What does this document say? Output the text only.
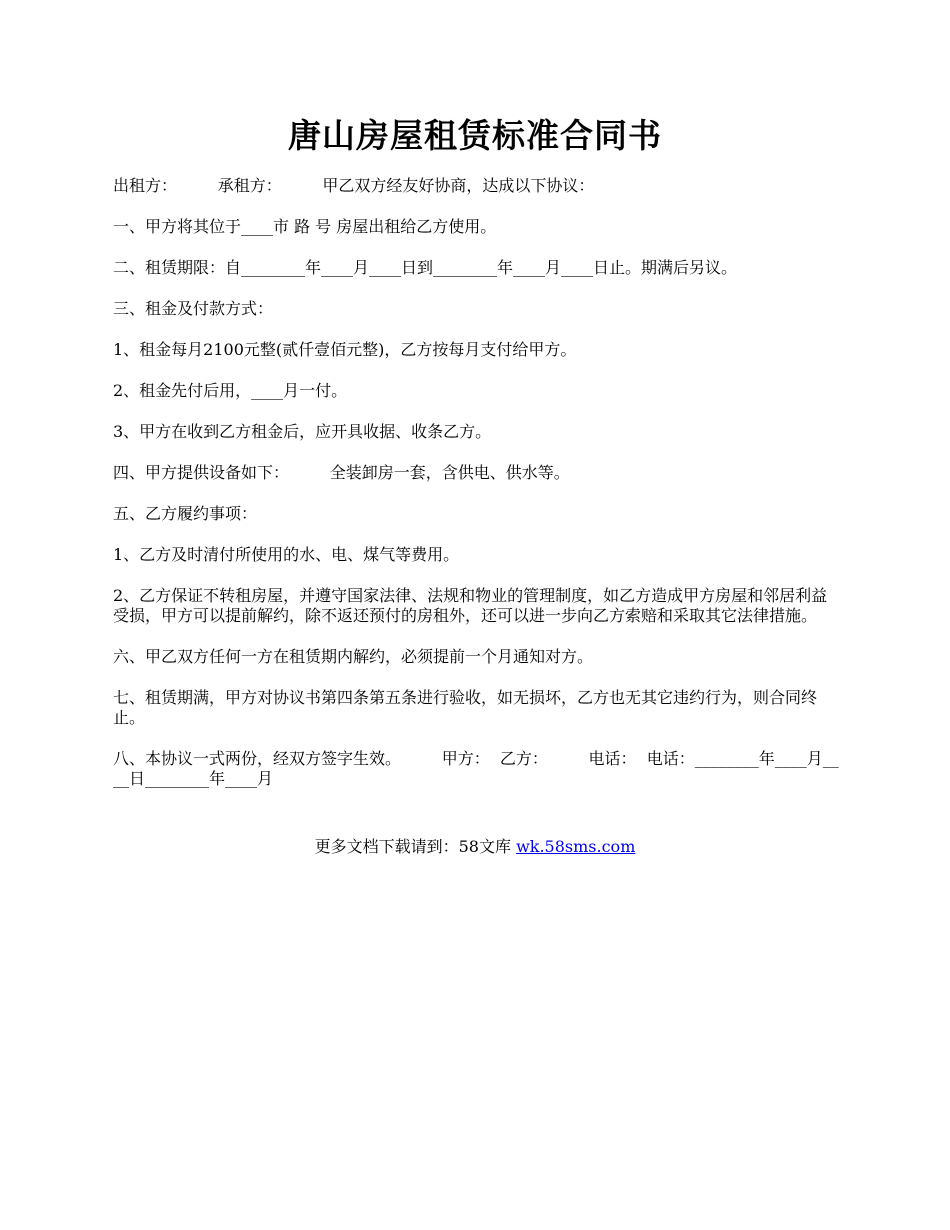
唐山房屋租赁标准合同书

出租方：        承租方：        甲乙双方经友好协商，达成以下协议：

一、甲方将其位于____市 路 号 房屋出租给乙方使用。

二、租赁期限：自________年____月____日到________年____月____日止。期满后另议。

三、租金及付款方式：

1、租金每月2100元整(贰仟壹佰元整)，乙方按每月支付给甲方。

2、租金先付后用，____月一付。

3、甲方在收到乙方租金后，应开具收据、收条乙方。

四、甲方提供设备如下：        全装卸房一套，含供电、供水等。

五、乙方履约事项：

1、乙方及时清付所使用的水、电、煤气等费用。

2、乙方保证不转租房屋，并遵守国家法律、法规和物业的管理制度，如乙方造成甲方房屋和邻居利益受损，甲方可以提前解约，除不返还预付的房租外，还可以进一步向乙方索赔和采取其它法律措施。

六、甲乙双方任何一方在租赁期内解约，必须提前一个月通知对方。

七、租赁期满，甲方对协议书第四条第五条进行验收，如无损坏，乙方也无其它违约行为，则合同终止。

八、本协议一式两份，经双方签字生效。        甲方：  乙方：        电话：  电话：________年____月____日________年____月

更多文档下载请到：58文库 wk.58sms.com
